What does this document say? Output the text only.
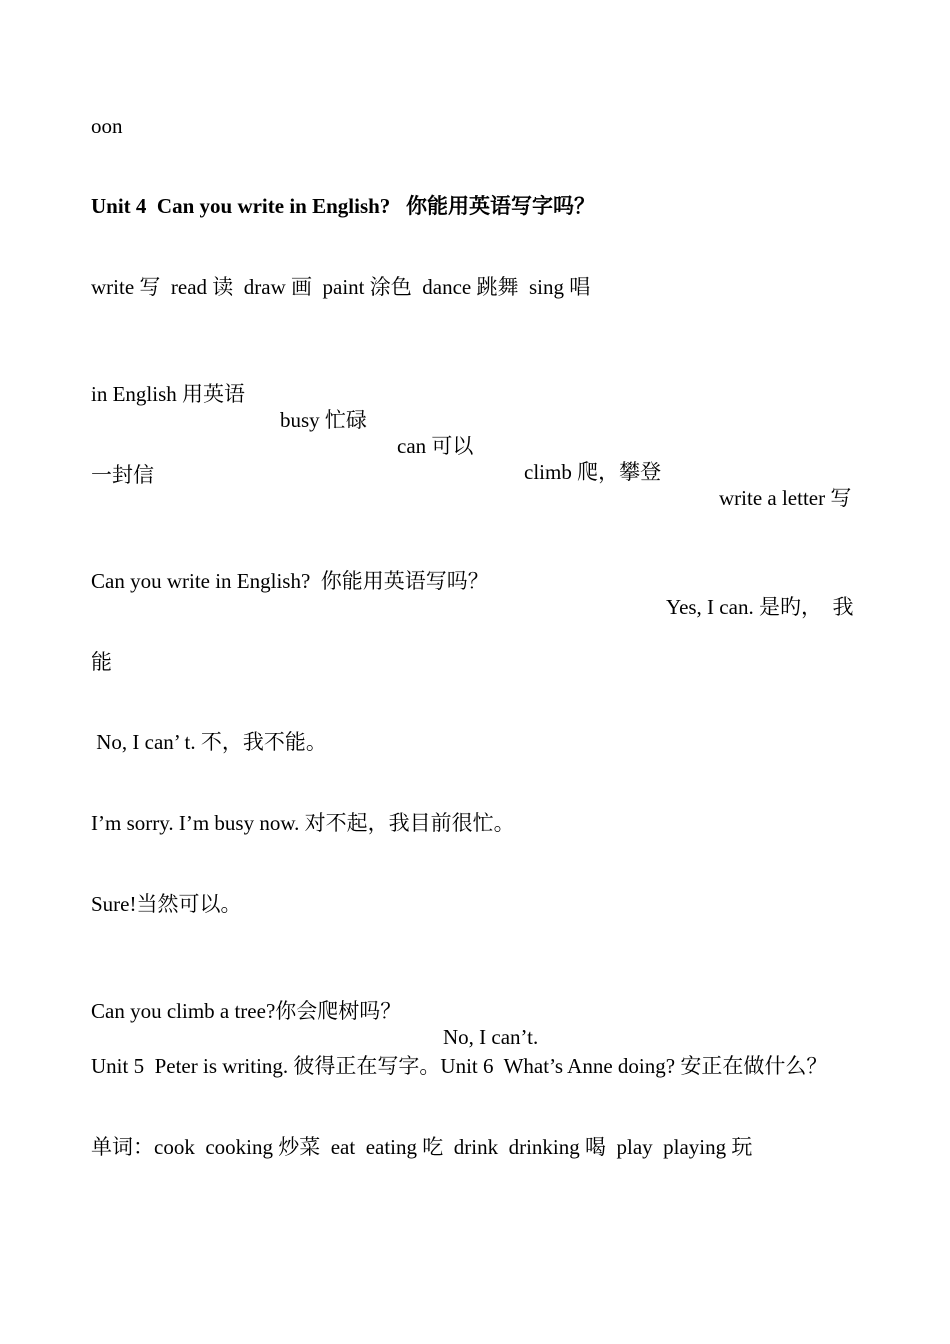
oon
Unit 4  Can you write in English?   你能用英语写字吗？
write 写  read 读  draw 画  paint 涂色  dance 跳舞  sing 唱

in English 用英语

busy 忙碌

can 可以

climb 爬，攀登

write a letter 写

一封信

Can you write in English?  你能用英语写吗？

Yes, I can. 是旳，  我

能
No, I can’ t. 不，我不能。
I’m sorry. I’m busy now. 对不起，我目前很忙。
Sure!当然可以。

Can you climb a tree?你会爬树吗？

No, I can’t.

Unit 5  Peter is writing. 彼得正在写字。Unit 6  What’s Anne doing? 安正在做什么？
单词：cook  cooking 炒菜  eat  eating 吃  drink  drinking 喝  play  playing 玩
